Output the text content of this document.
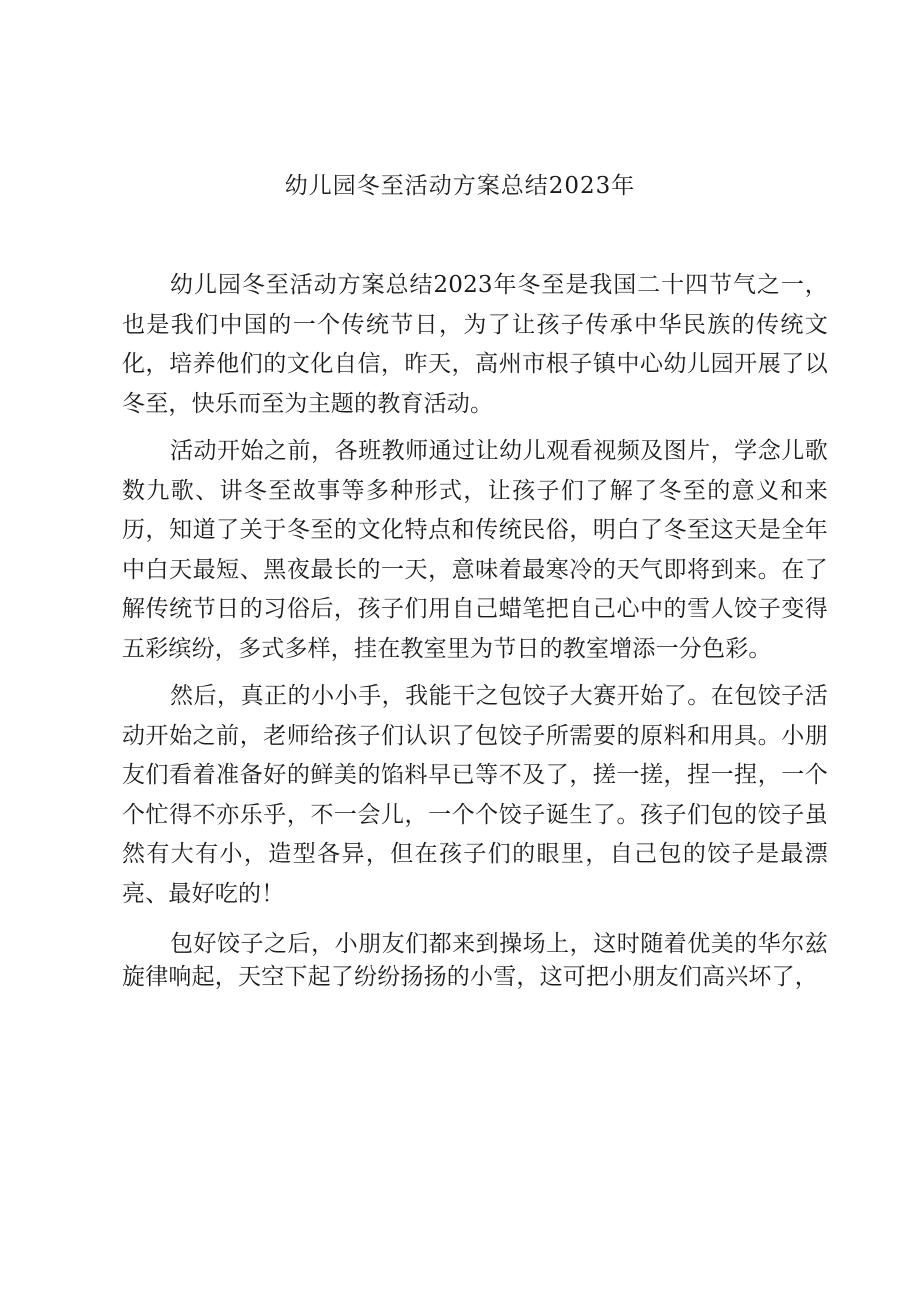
幼儿园冬至活动方案总结2023年

幼儿园冬至活动方案总结2023年冬至是我国二十四节气之一，也是我们中国的一个传统节日，为了让孩子传承中华民族的传统文化，培养他们的文化自信，昨天，高州市根子镇中心幼儿园开展了以冬至，快乐而至为主题的教育活动。

活动开始之前，各班教师通过让幼儿观看视频及图片，学念儿歌数九歌、讲冬至故事等多种形式，让孩子们了解了冬至的意义和来历，知道了关于冬至的文化特点和传统民俗，明白了冬至这天是全年中白天最短、黑夜最长的一天，意味着最寒冷的天气即将到来。在了解传统节日的习俗后，孩子们用自己蜡笔把自己心中的雪人饺子变得五彩缤纷，多式多样，挂在教室里为节日的教室增添一分色彩。

然后，真正的小小手，我能干之包饺子大赛开始了。在包饺子活动开始之前，老师给孩子们认识了包饺子所需要的原料和用具。小朋友们看着准备好的鲜美的馅料早已等不及了，搓一搓，捏一捏，一个个忙得不亦乐乎，不一会儿，一个个饺子诞生了。孩子们包的饺子虽然有大有小，造型各异，但在孩子们的眼里，自己包的饺子是最漂亮、最好吃的！

包好饺子之后，小朋友们都来到操场上，这时随着优美的华尔兹旋律响起，天空下起了纷纷扬扬的小雪，这可把小朋友们高兴坏了，
